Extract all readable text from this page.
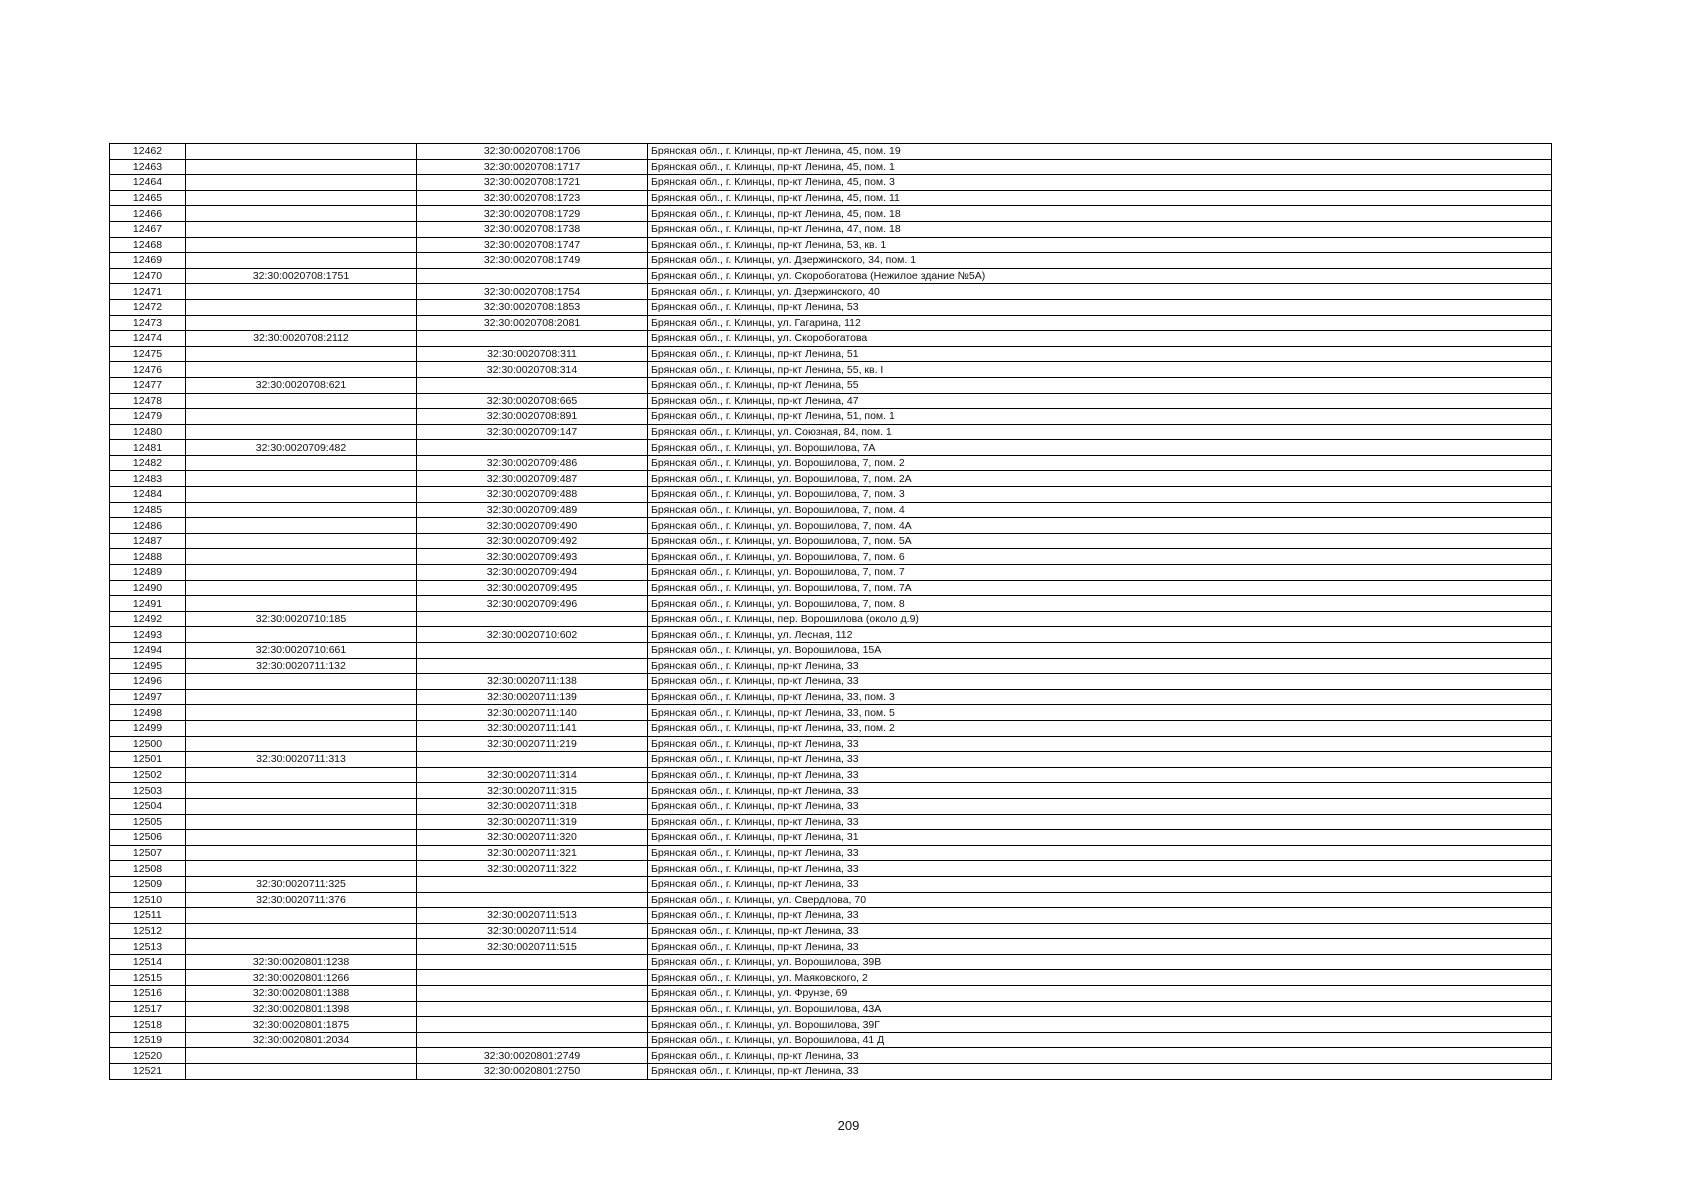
12462		32:30:0020708:1706	Брянская обл., г. Клинцы, пр-кт Ленина, 45, пом. 19
12463		32:30:0020708:1717	Брянская обл., г. Клинцы, пр-кт Ленина, 45, пом. 1
12464		32:30:0020708:1721	Брянская обл., г. Клинцы, пр-кт Ленина, 45, пом. 3
12465		32:30:0020708:1723	Брянская обл., г. Клинцы, пр-кт Ленина, 45, пом. 11
12466		32:30:0020708:1729	Брянская обл., г. Клинцы, пр-кт Ленина, 45, пом. 18
12467		32:30:0020708:1738	Брянская обл., г. Клинцы, пр-кт Ленина, 47, пом. 18
12468		32:30:0020708:1747	Брянская обл., г. Клинцы, пр-кт Ленина, 53, кв. 1
12469		32:30:0020708:1749	Брянская обл., г. Клинцы, ул. Дзержинского, 34, пом. 1
12470	32:30:0020708:1751		Брянская обл., г. Клинцы, ул. Скоробогатова (Нежилое здание №5А)
12471		32:30:0020708:1754	Брянская обл., г. Клинцы, ул. Дзержинского, 40
12472		32:30:0020708:1853	Брянская обл., г. Клинцы, пр-кт Ленина, 53
12473		32:30:0020708:2081	Брянская обл., г. Клинцы, ул. Гагарина, 112
12474	32:30:0020708:2112		Брянская обл., г. Клинцы, ул. Скоробогатова
12475		32:30:0020708:311	Брянская обл., г. Клинцы, пр-кт Ленина, 51
12476		32:30:0020708:314	Брянская обл., г. Клинцы, пр-кт Ленина, 55, кв. I
12477	32:30:0020708:621		Брянская обл., г. Клинцы, пр-кт Ленина, 55
12478		32:30:0020708:665	Брянская обл., г. Клинцы, пр-кт Ленина, 47
12479		32:30:0020708:891	Брянская обл., г. Клинцы, пр-кт Ленина, 51, пом. 1
12480		32:30:0020709:147	Брянская обл., г. Клинцы, ул. Союзная, 84, пом. 1
12481	32:30:0020709:482		Брянская обл., г. Клинцы, ул. Ворошилова, 7А
12482		32:30:0020709:486	Брянская обл., г. Клинцы, ул. Ворошилова, 7, пом. 2
12483		32:30:0020709:487	Брянская обл., г. Клинцы, ул. Ворошилова, 7, пом. 2А
12484		32:30:0020709:488	Брянская обл., г. Клинцы, ул. Ворошилова, 7, пом. 3
12485		32:30:0020709:489	Брянская обл., г. Клинцы, ул. Ворошилова, 7, пом. 4
12486		32:30:0020709:490	Брянская обл., г. Клинцы, ул. Ворошилова, 7, пом. 4А
12487		32:30:0020709:492	Брянская обл., г. Клинцы, ул. Ворошилова, 7, пом. 5А
12488		32:30:0020709:493	Брянская обл., г. Клинцы, ул. Ворошилова, 7, пом. 6
12489		32:30:0020709:494	Брянская обл., г. Клинцы, ул. Ворошилова, 7, пом. 7
12490		32:30:0020709:495	Брянская обл., г. Клинцы, ул. Ворошилова, 7, пом. 7А
12491		32:30:0020709:496	Брянская обл., г. Клинцы, ул. Ворошилова, 7, пом. 8
12492	32:30:0020710:185		Брянская обл., г. Клинцы, пер. Ворошилова (около д.9)
12493		32:30:0020710:602	Брянская обл., г. Клинцы, ул. Лесная, 112
12494	32:30:0020710:661		Брянская обл., г. Клинцы, ул. Ворошилова, 15А
12495	32:30:0020711:132		Брянская обл., г. Клинцы, пр-кт Ленина, 33
12496		32:30:0020711:138	Брянская обл., г. Клинцы, пр-кт Ленина, 33
12497		32:30:0020711:139	Брянская обл., г. Клинцы, пр-кт Ленина, 33, пом. 3
12498		32:30:0020711:140	Брянская обл., г. Клинцы, пр-кт Ленина, 33, пом. 5
12499		32:30:0020711:141	Брянская обл., г. Клинцы, пр-кт Ленина, 33, пом. 2
12500		32:30:0020711:219	Брянская обл., г. Клинцы, пр-кт Ленина, 33
12501	32:30:0020711:313		Брянская обл., г. Клинцы, пр-кт Ленина, 33
12502		32:30:0020711:314	Брянская обл., г. Клинцы, пр-кт Ленина, 33
12503		32:30:0020711:315	Брянская обл., г. Клинцы, пр-кт Ленина, 33
12504		32:30:0020711:318	Брянская обл., г. Клинцы, пр-кт Ленина, 33
12505		32:30:0020711:319	Брянская обл., г. Клинцы, пр-кт Ленина, 33
12506		32:30:0020711:320	Брянская обл., г. Клинцы, пр-кт Ленина, 31
12507		32:30:0020711:321	Брянская обл., г. Клинцы, пр-кт Ленина, 33
12508		32:30:0020711:322	Брянская обл., г. Клинцы, пр-кт Ленина, 33
12509	32:30:0020711:325		Брянская обл., г. Клинцы, пр-кт Ленина, 33
12510	32:30:0020711:376		Брянская обл., г. Клинцы, ул. Свердлова, 70
12511		32:30:0020711:513	Брянская обл., г. Клинцы, пр-кт Ленина, 33
12512		32:30:0020711:514	Брянская обл., г. Клинцы, пр-кт Ленина, 33
12513		32:30:0020711:515	Брянская обл., г. Клинцы, пр-кт Ленина, 33
12514	32:30:0020801:1238		Брянская обл., г. Клинцы, ул. Ворошилова, 39В
12515	32:30:0020801:1266		Брянская обл., г. Клинцы, ул. Маяковского, 2
12516	32:30:0020801:1388		Брянская обл., г. Клинцы, ул. Фрунзе, 69
12517	32:30:0020801:1398		Брянская обл., г. Клинцы, ул. Ворошилова, 43А
12518	32:30:0020801:1875		Брянская обл., г. Клинцы, ул. Ворошилова, 39Г
12519	32:30:0020801:2034		Брянская обл., г. Клинцы, ул. Ворошилова, 41 Д
12520		32:30:0020801:2749	Брянская обл., г. Клинцы, пр-кт Ленина, 33
12521		32:30:0020801:2750	Брянская обл., г. Клинцы, пр-кт Ленина, 33
209
